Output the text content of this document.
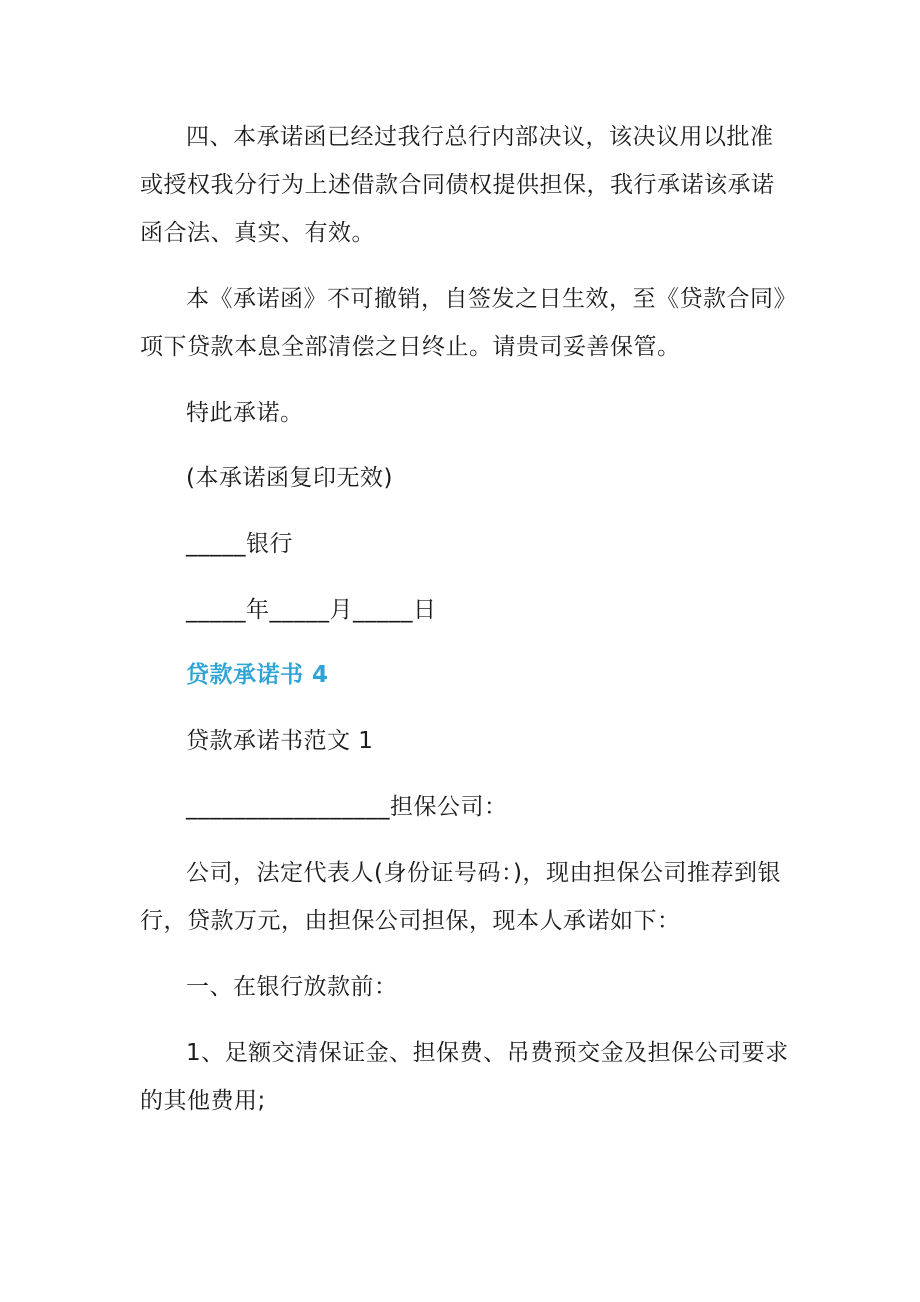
四、本承诺函已经过我行总行内部决议，该决议用以批准
或授权我分行为上述借款合同债权提供担保，我行承诺该承诺
函合法、真实、有效。
本《承诺函》不可撤销，自签发之日生效，至《贷款合同》
项下贷款本息全部清偿之日终止。请贵司妥善保管。
特此承诺。
(本承诺函复印无效)
_____银行
_____年_____月_____日
贷款承诺书 4
贷款承诺书范文 1
_________________担保公司：
公司，法定代表人(身份证号码：)，现由担保公司推荐到银
行，贷款万元，由担保公司担保，现本人承诺如下：
一、在银行放款前：
1、足额交清保证金、担保费、吊费预交金及担保公司要求
的其他费用;
